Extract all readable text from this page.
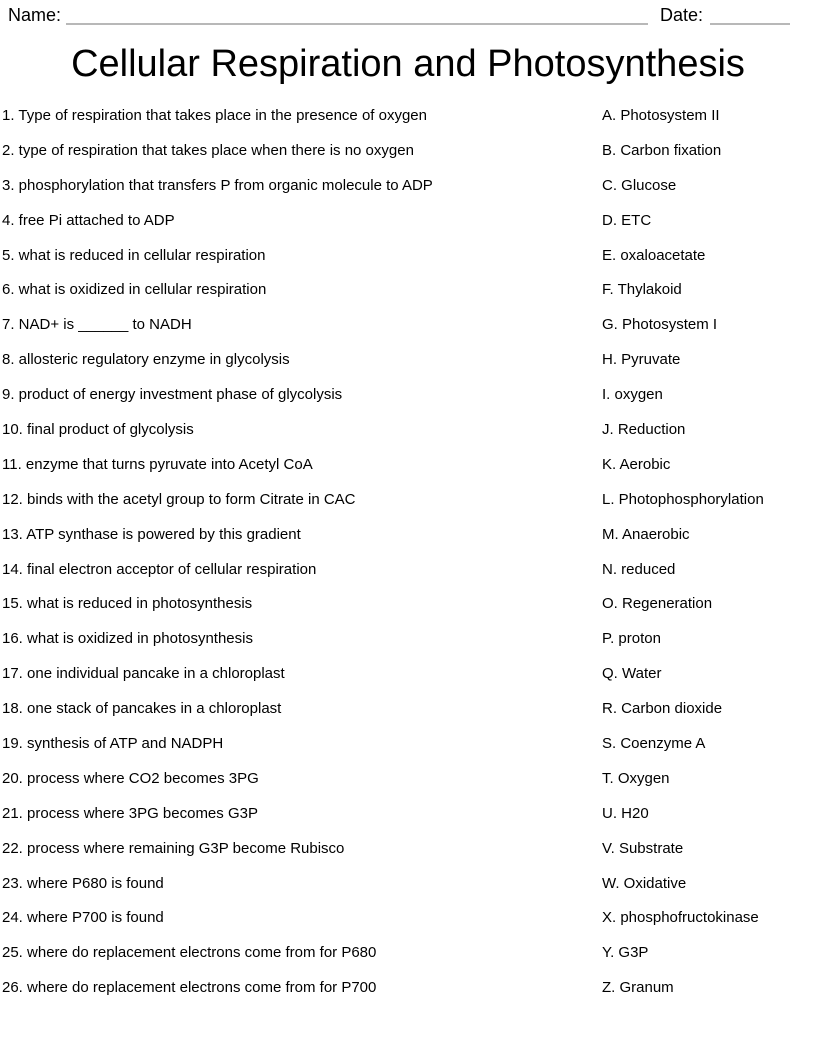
Name:	Date:
Cellular Respiration and Photosynthesis
1. Type of respiration that takes place in the presence of oxygen
2. type of respiration that takes place when there is no oxygen
3. phosphorylation that transfers P from organic molecule to ADP
4. free Pi attached to ADP
5. what is reduced in cellular respiration
6. what is oxidized in cellular respiration
7. NAD+ is ______ to NADH
8. allosteric regulatory enzyme in glycolysis
9. product of energy investment phase of glycolysis
10. final product of glycolysis
11. enzyme that turns pyruvate into Acetyl CoA
12. binds with the acetyl group to form Citrate in CAC
13. ATP synthase is powered by this gradient
14. final electron acceptor of cellular respiration
15. what is reduced in photosynthesis
16. what is oxidized in photosynthesis
17. one individual pancake in a chloroplast
18. one stack of pancakes in a chloroplast
19. synthesis of ATP and NADPH
20. process where CO2 becomes 3PG
21. process where 3PG becomes G3P
22. process where remaining G3P become Rubisco
23. where P680 is found
24. where P700 is found
25. where do replacement electrons come from for P680
26. where do replacement electrons come from for P700
A. Photosystem II
B. Carbon fixation
C. Glucose
D. ETC
E. oxaloacetate
F. Thylakoid
G. Photosystem I
H. Pyruvate
I. oxygen
J. Reduction
K. Aerobic
L. Photophosphorylation
M. Anaerobic
N. reduced
O. Regeneration
P. proton
Q. Water
R. Carbon dioxide
S. Coenzyme A
T. Oxygen
U. H20
V. Substrate
W. Oxidative
X. phosphofructokinase
Y. G3P
Z. Granum
